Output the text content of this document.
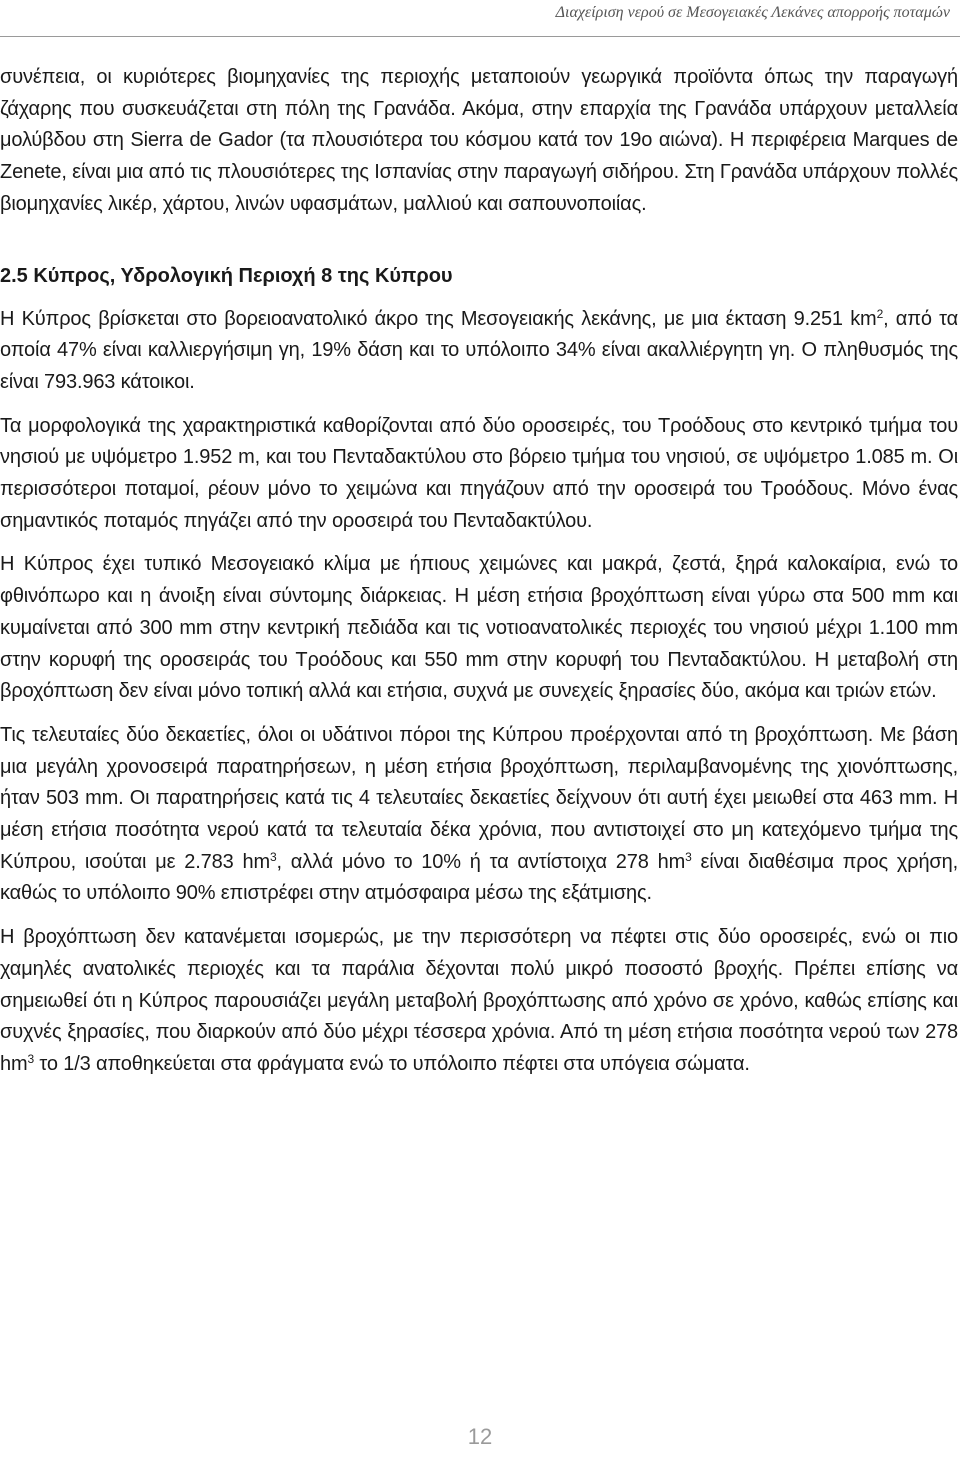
Διαχείριση νερού σε Μεσογειακές Λεκάνες απορροής ποταμών

συνέπεια, οι κυριότερες βιομηχανίες της περιοχής μεταποιούν γεωργικά προϊόντα όπως την παραγωγή ζάχαρης που συσκευάζεται στη πόλη της Γρανάδα. Ακόμα, στην επαρχία της Γρανάδα υπάρχουν μεταλλεία μολύβδου στη Sierra de Gador (τα πλουσιότερα του κόσμου κατά τον 19ο αιώνα). Η περιφέρεια Marques de Zenete, είναι μια από τις πλουσιότερες της Ισπανίας στην παραγωγή σιδήρου. Στη Γρανάδα υπάρχουν πολλές βιομηχανίες λικέρ, χάρτου, λινών υφασμάτων, μαλλιού και σαπουνοποιίας.

2.5 Κύπρος, Υδρολογική Περιοχή 8 της Κύπρου

Η Κύπρος βρίσκεται στο βορειοανατολικό άκρο της Μεσογειακής λεκάνης, με μια έκταση 9.251 $km^2$, από τα οποία 47% είναι καλλιεργήσιμη γη, 19% δάση και το υπόλοιπο 34% είναι ακαλλιέργητη γη. Ο πληθυσμός της είναι 793.963 κάτοικοι.

Τα μορφολογικά της χαρακτηριστικά καθορίζονται από δύο οροσειρές, του Τροόδους στο κεντρικό τμήμα του νησιού με υψόμετρο 1.952 m, και του Πενταδακτύλου στο βόρειο τμήμα του νησιού, σε υψόμετρο 1.085 m. Οι περισσότεροι ποταμοί, ρέουν μόνο το χειμώνα και πηγάζουν από την οροσειρά του Τροόδους. Μόνο ένας σημαντικός ποταμός πηγάζει από την οροσειρά του Πενταδακτύλου.

Η Κύπρος έχει τυπικό Μεσογειακό κλίμα με ήπιους χειμώνες και μακρά, ζεστά, ξηρά καλοκαίρια, ενώ το φθινόπωρο και η άνοιξη είναι σύντομης διάρκειας. Η μέση ετήσια βροχόπτωση είναι γύρω στα 500 mm και κυμαίνεται από 300 mm στην κεντρική πεδιάδα και τις νοτιοανατολικές περιοχές του νησιού μέχρι 1.100 mm στην κορυφή της οροσειράς του Τροόδους και 550 mm στην κορυφή του Πενταδακτύλου. Η μεταβολή στη βροχόπτωση δεν είναι μόνο τοπική αλλά και ετήσια, συχνά με συνεχείς ξηρασίες δύο, ακόμα και τριών ετών.

Τις τελευταίες δύο δεκαετίες, όλοι οι υδάτινοι πόροι της Κύπρου προέρχονται από τη βροχόπτωση. Με βάση μια μεγάλη χρονοσειρά παρατηρήσεων, η μέση ετήσια βροχόπτωση, περιλαμβανομένης της χιονόπτωσης, ήταν 503 mm. Οι παρατηρήσεις κατά τις 4 τελευταίες δεκαετίες δείχνουν ότι αυτή έχει μειωθεί στα 463 mm. Η μέση ετήσια ποσότητα νερού κατά τα τελευταία δέκα χρόνια, που αντιστοιχεί στο μη κατεχόμενο τμήμα της Κύπρου, ισούται με 2.783 $hm^3$, αλλά μόνο το 10% ή τα αντίστοιχα 278 $hm^3$ είναι διαθέσιμα προς χρήση, καθώς το υπόλοιπο 90% επιστρέφει στην ατμόσφαιρα μέσω της εξάτμισης.

Η βροχόπτωση δεν κατανέμεται ισομερώς, με την περισσότερη να πέφτει στις δύο οροσειρές, ενώ οι πιο χαμηλές ανατολικές περιοχές και τα παράλια δέχονται πολύ μικρό ποσοστό βροχής. Πρέπει επίσης να σημειωθεί ότι η Κύπρος παρουσιάζει μεγάλη μεταβολή βροχόπτωσης από χρόνο σε χρόνο, καθώς επίσης και συχνές ξηρασίες, που διαρκούν από δύο μέχρι τέσσερα χρόνια. Από τη μέση ετήσια ποσότητα νερού των 278 $hm^3$ το 1/3 αποθηκεύεται στα φράγματα ενώ το υπόλοιπο πέφτει στα υπόγεια σώματα.

12
